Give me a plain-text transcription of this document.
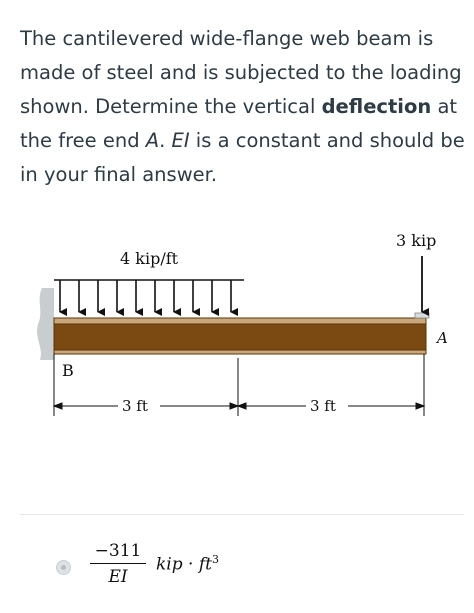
The cantilevered wide-flange web beam is made of steel and is subjected to the loading shown. Determine the vertical deflection at the free end A. EI is a constant and should be in your final answer.

4 kip/ft
3 kip
B
A
3 ft	3 ft
−311
EI
kip · $ft^3$
